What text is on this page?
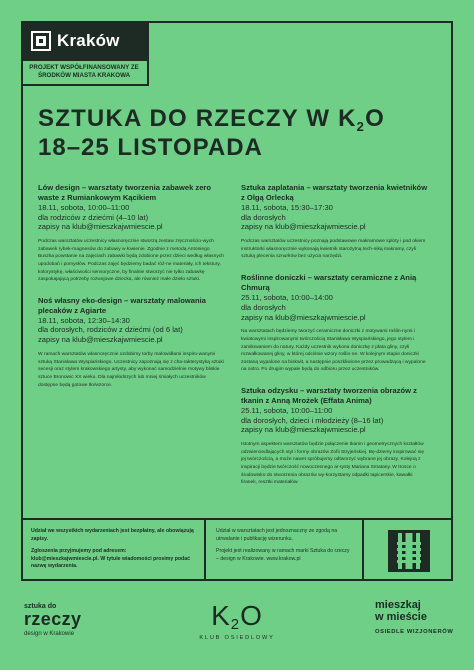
Kraków
PROJEKT WSPÓŁFINANSOWANY ZE ŚRODKÓW MIASTA KRAKOWA
SZTUKA DO RZECZY W $K_2O$
18–25 LISTOPADA
Lów design – warsztaty tworzenia zabawek zero waste z Rumiankowym Kącikiem
18.11, sobota, 10:00–11:00
dla rodziców z dziećmi (4–10 lat)
zapisy na klub@mieszkajwmiescie.pl
Podczas warsztatów uczestnicy własnoręcznie stworzą zestaw zręcznościo-wych zabawek rybek-magnesów do zabawy w łowienie. Zgodnie z metodą Antoniego Buszka powstanie na zajęciach zabawki będą zdobione przez dzieci według własnych upodobań i pomysłów. Podczas zajęć będziemy badać róż-ne materiały, ich tekstury, kolorystykę, właściwości sensoryczne, by finalnie stworzyć nie tylko zabawkę zaspokajającą potrzeby rozwojowe dziecka, ale również małe dzieło sztuki.
Noś własny eko-design – warsztaty malowania plecaków z Agiarte
18.11, sobota, 12:30–14:30
dla dorosłych, rodziców z dziećmi (od 6 lat)
zapisy na klub@mieszkajwmiescie.pl
W ramach warsztatów własnoręcznie ozdobimy torby malowidłami inspiro-wanymi sztuką Stanisława Wyspiańskiego. Uczestnicy zapoznają się z cha-rakterystyką sztuki secesji oraz stylem krakowskiego artysty, aby wykonać samodzielnie motywy bliskie sztuce Bronowic XX wieku. Dla najmłodszych lub mniej śmiałych uczestników dostępne będą gotowe tło/wzorce.
Sztuka zaplatania – warsztaty tworzenia kwietników z Olgą Orlecką
18.11, sobota, 15:30–17:30
dla dorosłych
zapisy na klub@mieszkajwmiescie.pl
Podczas warsztatów uczestnicy poznają podstawowe makramowe sploty i pod okiem instruktorki własnoręcznie wykonają kwietnik starożytną tech-niką makramy, czyli sztuką plecenia sznurków bez użycia narzędzi.
Roślinne doniczki – warsztaty ceramiczne z Anią Chmurą
25.11, sobota, 10:00–14:00
dla dorosłych
zapisy na klub@mieszkajwmiescie.pl
Na warsztatach będziemy tworzyć ceramiczne doniczki z motywami roślin-nymi i kwiatowymi inspirowanymi twórczością Stanisława Wyspiańskiego, jego stylem i zamiłowaniem do natury. Każdy uczestnik wykona doniczkę z płata gliny, czyli rozwałkowanej gliny, w której odciśnie wzory roślin-ne. W kolejnym etapie doniczki zostaną wypalone na biskwit, a następnie poszkliwione przez prowadzącą i wypalone na ostro. Po drugim wypale będą do odbioru przez uczestników.
Sztuka odzysku – warsztaty tworzenia obrazów z tkanin z Anną Mrożek (Effata Anima)
25.11, sobota, 10:00–11:00
dla dorosłych, dzieci i młodzieży (8–16 lat)
zapisy na klub@mieszkajwmiescie.pl
Istotnym aspektem warsztatów będzie połączenie tkanin i geometrycznych kształtów odzwierciedlających styl i formy obrazów Zofii Stryjeńskiej. Bę-dziemy inspirować się jej twórczością, a może nawet spróbujemy odtworzyć wybrane jej obrazy. Kolejną z inspiracji będzie twórczość nowoczesnego ar-tysty Mariana Smatany. W trosce o środowisko do stworzenia obrazów wy-korzystamy odpadki tapicerskie, kawałki firanek, resztki materiałów.

Udział we wszystkich wydarzeniach jest bezpłatny, ale obowiązują zapisy.

Zgłoszenia przyjmujemy pod adresem: klub@mieszkajwmiescie.pl. W tytule wiadomości prosimy podać nazwę wydarzenia.

Udział w warsztatach jest jednoznaczny ze zgodą na utrwalanie i publikację wizerunku.

Projekt jest realizowany w ramach marki Sztuka do rzeczy – design w Krakowie. www.krakow.pl

sztuka do
rzeczy
design w Krakowie
$K_2O$
KLUB OSIEDLOWY
mieszkaj
w mieście
OSIEDLE WIZJONERÓW
